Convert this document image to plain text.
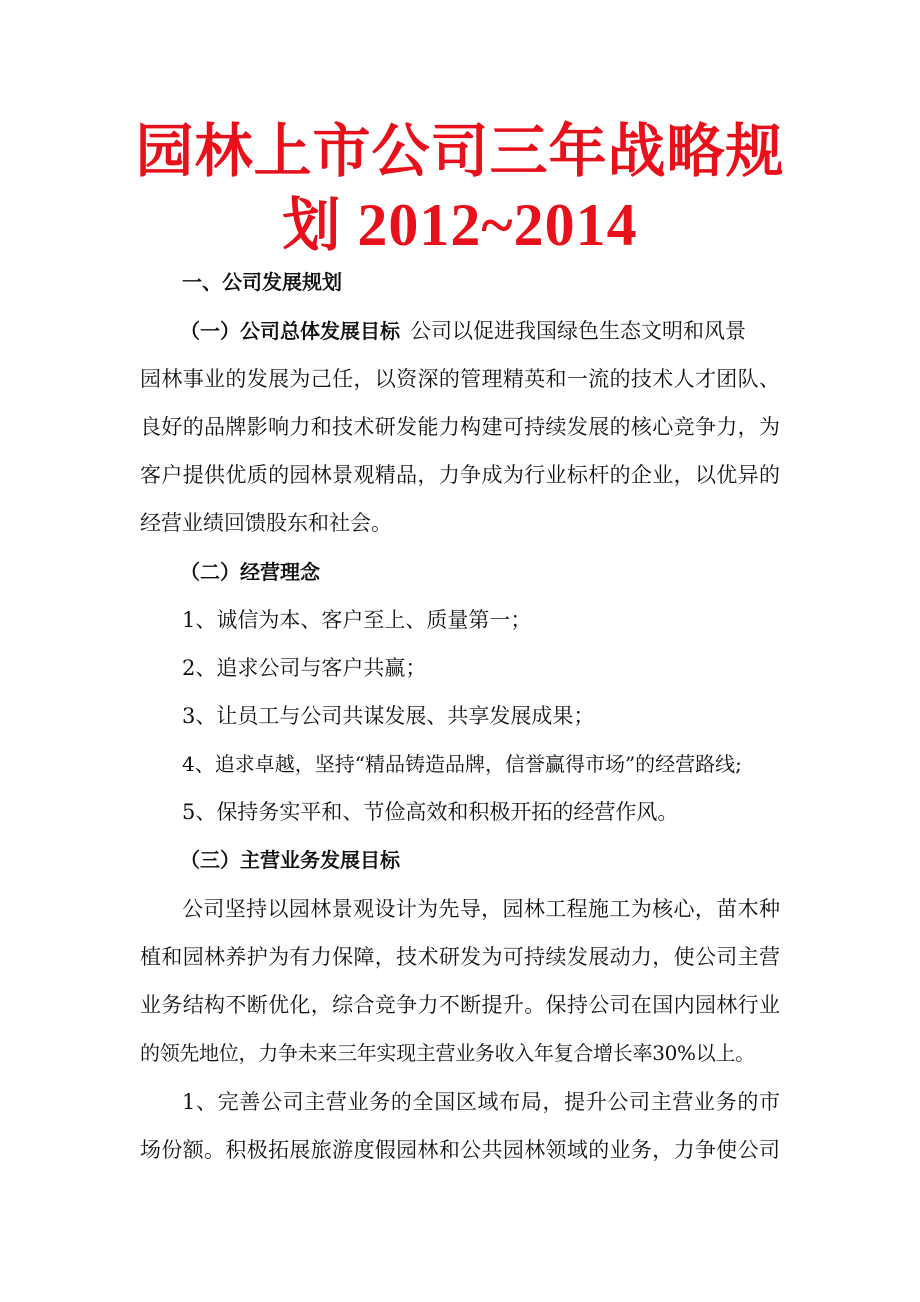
园林上市公司三年战略规
划 2012~2014
一、公司发展规划
（一）公司总体发展目标 公司以促进我国绿色生态文明和风景
园林事业的发展为己任，以资深的管理精英和一流的技术人才团队、
良好的品牌影响力和技术研发能力构建可持续发展的核心竞争力，为
客户提供优质的园林景观精品，力争成为行业标杆的企业，以优异的
经营业绩回馈股东和社会。
（二）经营理念
1、诚信为本、客户至上、质量第一；
2、追求公司与客户共赢；
3、让员工与公司共谋发展、共享发展成果；
4、追求卓越，坚持“精品铸造品牌，信誉赢得市场”的经营路线;
5、保持务实平和、节俭高效和积极开拓的经营作风。
（三）主营业务发展目标
公司坚持以园林景观设计为先导，园林工程施工为核心，苗木种
植和园林养护为有力保障，技术研发为可持续发展动力，使公司主营
业务结构不断优化，综合竞争力不断提升。保持公司在国内园林行业
的领先地位，力争未来三年实现主营业务收入年复合增长率30%以上。
1、完善公司主营业务的全国区域布局，提升公司主营业务的市
场份额。积极拓展旅游度假园林和公共园林领域的业务，力争使公司
